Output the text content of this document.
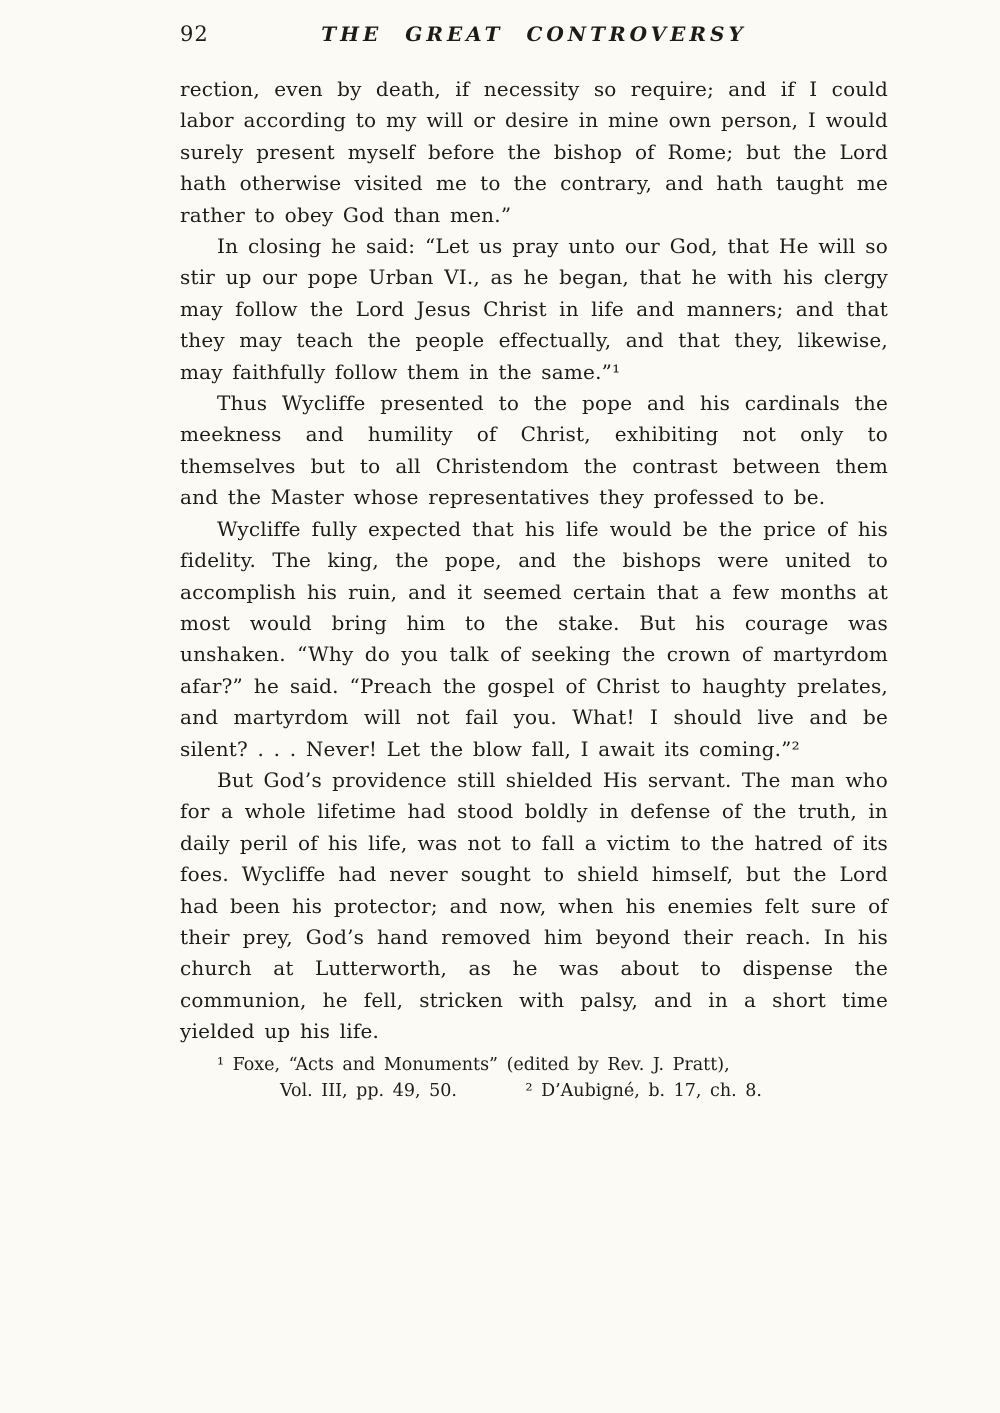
92	THE GREAT CONTROVERSY

rection, even by death, if necessity so require; and if I could labor according to my will or desire in mine own person, I would surely present myself before the bishop of Rome; but the Lord hath otherwise visited me to the contrary, and hath taught me rather to obey God than men.”

In closing he said: “Let us pray unto our God, that He will so stir up our pope Urban VI., as he began, that he with his clergy may follow the Lord Jesus Christ in life and manners; and that they may teach the people effectually, and that they, likewise, may faithfully follow them in the same.”¹

Thus Wycliffe presented to the pope and his cardinals the meekness and humility of Christ, exhibiting not only to themselves but to all Christendom the contrast between them and the Master whose representatives they professed to be.

Wycliffe fully expected that his life would be the price of his fidelity. The king, the pope, and the bishops were united to accomplish his ruin, and it seemed certain that a few months at most would bring him to the stake. But his courage was unshaken. “Why do you talk of seeking the crown of martyrdom afar?” he said. “Preach the gospel of Christ to haughty prelates, and martyrdom will not fail you. What! I should live and be silent? . . . Never! Let the blow fall, I await its coming.”²

But God’s providence still shielded His servant. The man who for a whole lifetime had stood boldly in defense of the truth, in daily peril of his life, was not to fall a victim to the hatred of its foes. Wycliffe had never sought to shield himself, but the Lord had been his protector; and now, when his enemies felt sure of their prey, God’s hand removed him beyond their reach. In his church at Lutterworth, as he was about to dispense the communion, he fell, stricken with palsy, and in a short time yielded up his life.

¹ Foxe, “Acts and Monuments” (edited by Rev. J. Pratt),
Vol. III, pp. 49, 50.	² D’Aubigné, b. 17, ch. 8.
